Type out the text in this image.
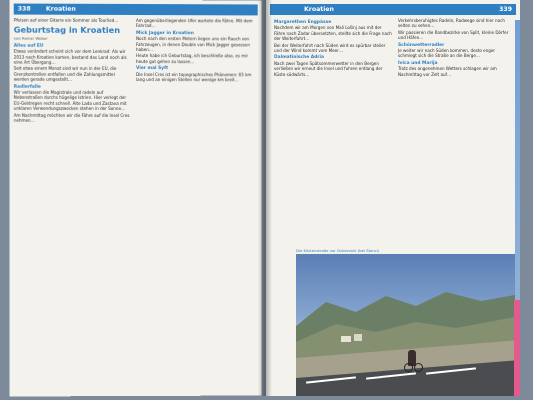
338 Kroatien

Pfeisen auf einer Gitarre ein Sommer als Tourlied…

Geburtstag in Kroatien
von Rainer Weber
Alles auf EU

Etwas verändert scheint sich vor dem Lenkrad: Als wir 2013 nach Kroatien kamen, bestand das Land noch als eine Art Übergang…

Seit etwa einem Monat sind wir nun in der EU, die Grenzkontrollen entfallen und die Zahlungsmittel werden gerade umgestellt…

Radlerfalle

Wir verlassen die Magistrale und radeln auf Nebenstraßen durchs hügelige Istrien. Hier verlegt der EU-Geldregen recht schnell. Alte Lada und Zastava mit unklaren Verwendungszwecken stehen in der Sonne…

Am Nachmittag möchten wir die Fähre auf die Insel Cres nehmen…

Am gegenüberliegenden Ufer wartete die Fähre. Mit dem Fahrrad…

Mick Jagger in Kroatien

Noch nach den ersten Metern liegen uns ein Rauch von Fahrzeugen, in denen Double von Mick Jagger gesessen haben…

Heute habe ich Geburtstag, ich beschließe also, es mir heute gut gehen zu lassen…

Vier mal Syft

Die Insel Cres ist ein topographisches Phänomen: 65 km lang und an einigen Stellen nur wenige km breit…

Kroatien	339
Margarethen Engpässe

Nachdem wir am Morgen von Mali Lošinj aus mit der Fähre nach Zadar übersetzten, stellte sich die Frage nach der Weiterfahrt…

Bei der Weiterfahrt nach Süden wird es spürbar steiler und der Wind kommt vom Meer…

Dalmatinische Adria

Nach zwei Tagen Spätsommerwetter in den Bergen verließen wir erneut die Insel und fuhren entlang der Küste südwärts…

Verkehrsberuhigtes Radeln, Radwege sind hier noch selten zu sehen…

Wir passieren die Randbezirke von Split, kleine Dörfer und Häfen…

Schönwetterradler

Je weiter wir nach Süden kommen, desto enger schmiegt sich die Straße an die Berge…

Ivica und Marija

Trotz des angenehmen Wetters schlagen wir am Nachmittag vor Zelt auf…

Die Küstenstraße vor Dubrovnik (bei Stanci)
